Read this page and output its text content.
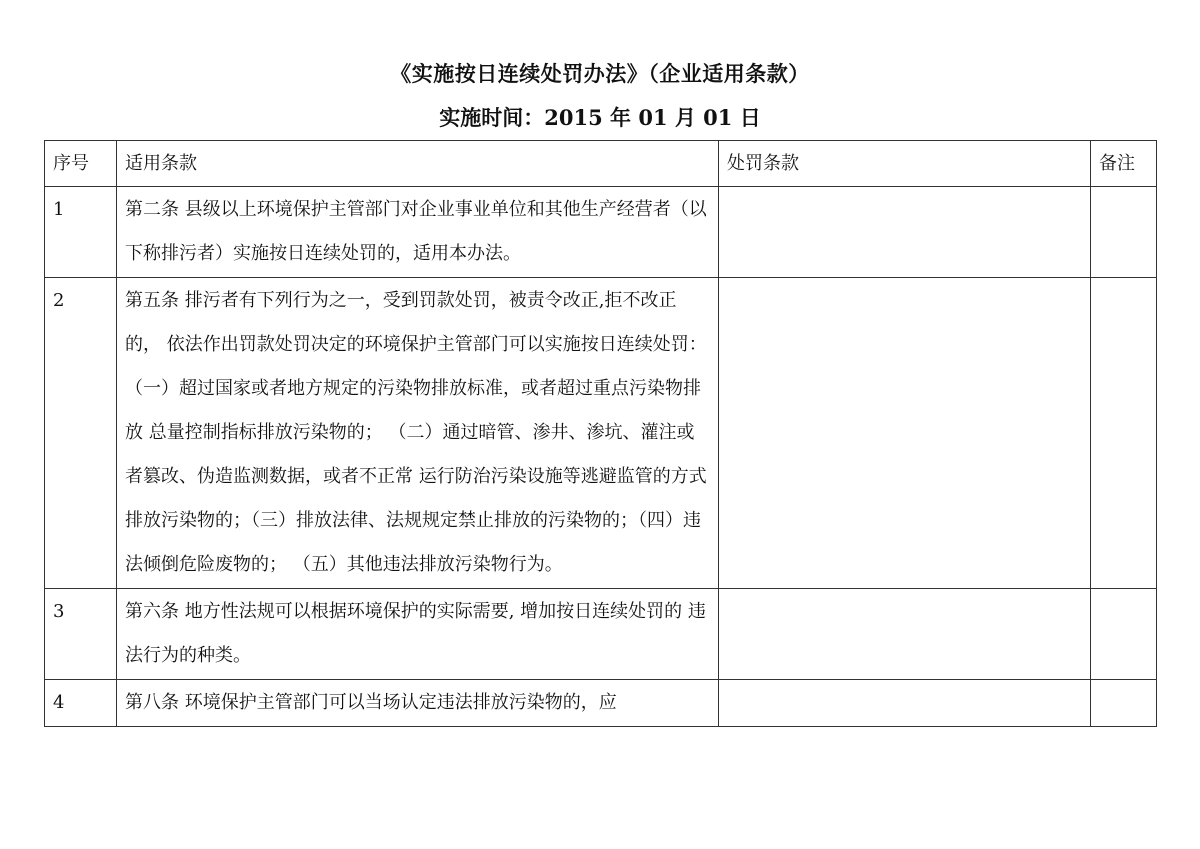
《实施按日连续处罚办法》（企业适用条款）
实施时间：2015 年 01 月 01 日
序号	适用条款	处罚条款	备注
1	第二条 县级以上环境保护主管部门对企业事业单位和其他生产经营者（以 下称排污者）实施按日连续处罚的，适用本办法。		
2	第五条 排污者有下列行为之一，受到罚款处罚，被责令改正,拒不改正的， 依法作出罚款处罚决定的环境保护主管部门可以实施按日连续处罚： （一）超过国家或者地方规定的污染物排放标准，或者超过重点污染物排放 总量控制指标排放污染物的； （二）通过暗管、渗井、渗坑、灌注或者篡改、伪造监测数据，或者不正常 运行防治污染设施等逃避监管的方式排放污染物的；（三）排放法律、法规规定禁止排放的污染物的；（四）违法倾倒危险废物的； （五）其他违法排放污染物行为。		
3	第六条 地方性法规可以根据环境保护的实际需要, 增加按日连续处罚的 违法行为的种类。		
4	第八条 环境保护主管部门可以当场认定违法排放污染物的，应		
